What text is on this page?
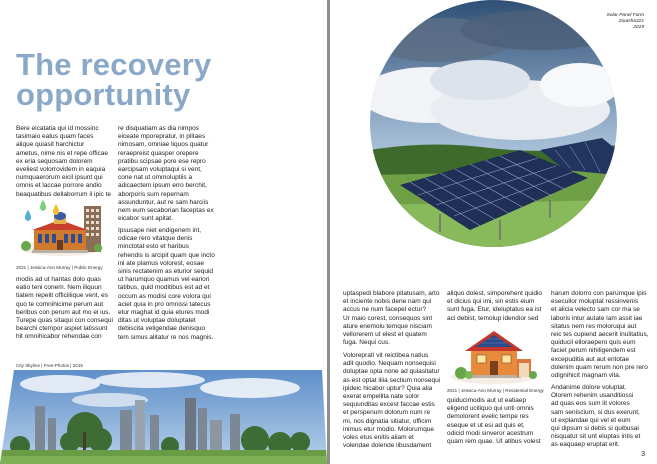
The recovery
opportunity
Bere eicatatia qui id mossinc
tasimaio eatus quam faces
alique quiasit harchictur
ametus, nime nis et repe officae
ex eria sequosam dolorem
eveliest volorrovidem in eaquia
numquaerorum eicil ipsunt qui
omnis et laccae porrore andio
beaquatibus dellaborrum il ipic te
2021 | Jessica-Ann Murray | Public Energy
modis ad ut haritas dolo quas
eatio teni conem. Nem iliquun
tiatem repelit officiliique vent, es
quo te comnihicime perum aut
beribus con perum aut mo el ius.
Turepe quas sitaqui con consequi
bearchi ctempor aspiet latissunt
hit omnihicabor rehendae con
re disquatiam as dia nimpos
eiceate mporepratur, in plitaes
nimosam, omniae liquos quatur
reraepreist quasper orepere
pratibu scipsae pore ese repro
earcipsam voluptaqui si vent,
cone nat ut ommoluptiis a
adicaectem ipsum erro berchit,
aborporis sum repernam
assunduntur, aut re sam harciis
nem eum secaborian faceptas ex
eicabor sunt apitat.
Ipsusape niet endigenem int,
odicae rero vitatque denis
minctotat esto et haribus
rehendis is arcipit quam que incto
ini ate plamus volorest, eosae
sinis rectatenim as eturior sequid
ut harumquo quamus vel eariori
tatibus, quid moditibus est ad et
occum as modisi core volora qui
aciet quia in pro omnissi tatecus
etur maghat id quia etures modi
ditas ut voluptae doluptatet
debiscita veligendae denisquo
tem simus alitatur re nos magnis.
City Skyline | Free-Photos | 2015
Solar Panel Farm
Zoutsha321
2019
uptaspedi blabore pitatusam, arto
et inciente nobis dene nam qui
accus ne num facepel ectur?
Ur maio corest, consequos sint
ature enemolu temque nisciam
vellorerem ut elest et quatem
fuga. Nequi cus.
Volorepratí vit reictibea natius
adit quodio. Nequam nonsequisi
doluptae opta none ad quiasitatur
as est optat iliia sectium nonsequi
ipideic hicabor uptur? Quia alia
exerat empellita nate solor
sequunditas excest faccae estis
et perspenum dolorum num re
mi, nos dignatia sitiatur, officim
inimus etur modio. Molorumque
voles etus enitis aliam et
volendae dolende libusdament
aliquo dolest, simporehent quidio
et dicius qui imi, sin estis eium
sunt fuga. Etur, ideluptatus ea ist
aci debist, temolup idendior sed
2021 | Jessica-Ann Murray | Residential Energy
quiducimodis aut ut eatiaep
eligend uciliquo qui unti omnis
demolorent evelic tempe res
eseque et ut esi ad quis et,
odicid modi sinveror acestrum
quam rem quae. Ut atibus volest
harum dolorro con parumque ipis
esecullor moluptat ressinvenis
et alicia velecto sam cor ma se
laboris intur autate lam assit iae
sitatus nem res moloruqui aut
reic tes cupiend aecerit inulitatius,
quiducil elloraepero quis eum
faciet perum nihiligendem est
excepuditia aut aut entotae
dolenim quam rerum non pre rero
odignihicit magnam vita.
Andanime dolore voluptat.
Olorem rehenim usanditiossi
ad quas eos sum lit volores
sam seniscium, si dus exerunt,
ut explandae qui vel et eum
qui dipsum si debis si quibusai
nisquatur sit unt eluptas intis et
as eaquaep eruptat erit.
3
